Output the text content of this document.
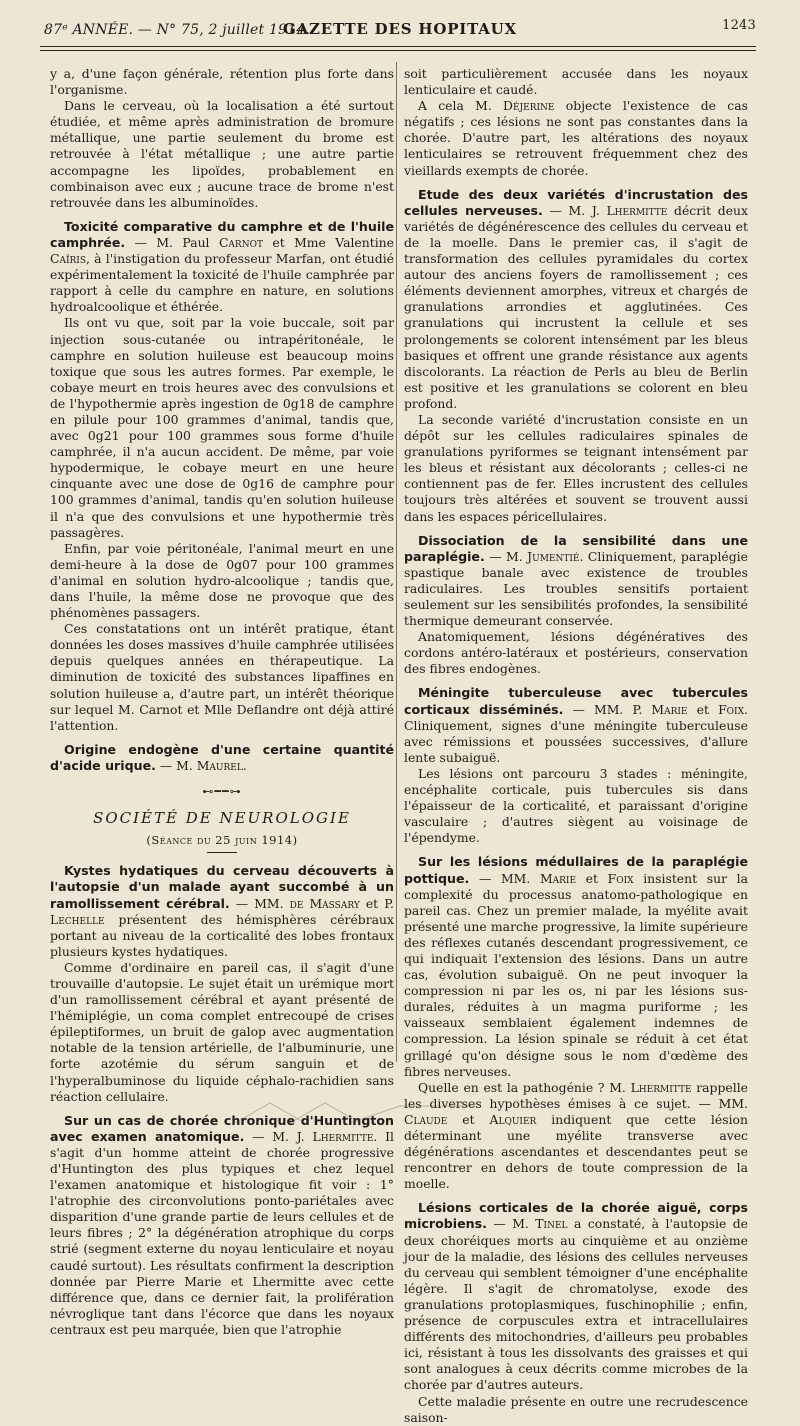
87ᵉ ANNÉE. — N° 75, 2 juillet 1914.
GAZETTE DES HOPITAUX	1243

y a, d'une façon générale, rétention plus forte dans l'organisme.

Dans le cerveau, où la localisation a été surtout étudiée, et même après administration de bromure métallique, une partie seulement du brome est retrouvée à l'état métallique ; une autre partie accompagne les lipoïdes, probablement en combinaison avec eux ; aucune trace de brome n'est retrouvée dans les albuminoïdes.

Toxicité comparative du camphre et de l'huile camphrée. — M. Paul Carnot et Mme Valentine Caïris, à l'instigation du professeur Marfan, ont étudié expérimentalement la toxicité de l'huile camphrée par rapport à celle du camphre en nature, en solutions hydroalcoolique et éthérée.

Ils ont vu que, soit par la voie buccale, soit par injection sous-cutanée ou intrapéritonéale, le camphre en solution huileuse est beaucoup moins toxique que sous les autres formes. Par exemple, le cobaye meurt en trois heures avec des convulsions et de l'hypothermie après ingestion de 0g18 de camphre en pilule pour 100 grammes d'animal, tandis que, avec 0g21 pour 100 grammes sous forme d'huile camphrée, il n'a aucun accident. De même, par voie hypodermique, le cobaye meurt en une heure cinquante avec une dose de 0g16 de camphre pour 100 grammes d'animal, tandis qu'en solution huileuse il n'a que des convulsions et une hypothermie très passagères.

Enfin, par voie péritonéale, l'animal meurt en une demi-heure à la dose de 0g07 pour 100 grammes d'animal en solution hydro-alcoolique ; tandis que, dans l'huile, la même dose ne provoque que des phénomènes passagers.

Ces constatations ont un intérêt pratique, étant données les doses massives d'huile camphrée utilisées depuis quelques années en thérapeutique. La diminution de toxicité des substances lipaffines en solution huileuse a, d'autre part, un intérêt théorique sur lequel M. Carnot et Mlle Deflandre ont déjà attiré l'attention.

Origine endogène d'une certaine quantité d'acide urique. — M. Maurel.

⊷━━⊶
SOCIÉTÉ DE NEUROLOGIE
(Séance du 25 juin 1914)

Kystes hydatiques du cerveau découverts à l'autopsie d'un malade ayant succombé à un ramollissement cérébral. — MM. de Massary et P. Lechelle présentent des hémisphères cérébraux portant au niveau de la corticalité des lobes frontaux plusieurs kystes hydatiques.

Comme d'ordinaire en pareil cas, il s'agit d'une trouvaille d'autopsie. Le sujet était un urémique mort d'un ramollissement cérébral et ayant présenté de l'hémiplégie, un coma complet entrecoupé de crises épileptiformes, un bruit de galop avec augmentation notable de la tension artérielle, de l'albuminurie, une forte azotémie du sérum sanguin et de l'hyperalbuminose du liquide céphalo-rachidien sans réaction cellulaire.

Sur un cas de chorée chronique d'Huntington avec examen anatomique. — M. J. Lhermitte. Il s'agit d'un homme atteint de chorée progressive d'Huntington des plus typiques et chez lequel l'examen anatomique et histologique fit voir : 1° l'atrophie des circonvolutions ponto-pariétales avec disparition d'une grande partie de leurs cellules et de leurs fibres ; 2° la dégénération atrophique du corps strié (segment externe du noyau lenticulaire et noyau caudé surtout). Les résultats confirment la description donnée par Pierre Marie et Lhermitte avec cette différence que, dans ce dernier fait, la prolifération névroglique tant dans l'écorce que dans les noyaux centraux est peu marquée, bien que l'atrophie

soit particulièrement accusée dans les noyaux lenticulaire et caudé.

A cela M. Déjerine objecte l'existence de cas négatifs ; ces lésions ne sont pas constantes dans la chorée. D'autre part, les altérations des noyaux lenticulaires se retrouvent fréquemment chez des vieillards exempts de chorée.

Etude des deux variétés d'incrustation des cellules nerveuses. — M. J. Lhermitte décrit deux variétés de dégénérescence des cellules du cerveau et de la moelle. Dans le premier cas, il s'agit de transformation des cellules pyramidales du cortex autour des anciens foyers de ramollissement ; ces éléments deviennent amorphes, vitreux et chargés de granulations arrondies et agglutinées. Ces granulations qui incrustent la cellule et ses prolongements se colorent intensément par les bleus basiques et offrent une grande résistance aux agents discolorants. La réaction de Perls au bleu de Berlin est positive et les granulations se colorent en bleu profond.

La seconde variété d'incrustation consiste en un dépôt sur les cellules radiculaires spinales de granulations pyriformes se teignant intensément par les bleus et résistant aux décolorants ; celles-ci ne contiennent pas de fer. Elles incrustent des cellules toujours très altérées et souvent se trouvent aussi dans les espaces péricellulaires.

Dissociation de la sensibilité dans une paraplégie. — M. Jumentié. Cliniquement, paraplégie spastique banale avec existence de troubles radiculaires. Les troubles sensitifs portaient seulement sur les sensibilités profondes, la sensibilité thermique demeurant conservée.

Anatomiquement, lésions dégénératives des cordons antéro-latéraux et postérieurs, conservation des fibres endogènes.

Méningite tuberculeuse avec tubercules corticaux disséminés. — MM. P. Marie et Foix. Cliniquement, signes d'une méningite tuberculeuse avec rémissions et poussées successives, d'allure lente subaiguë.

Les lésions ont parcouru 3 stades : méningite, encéphalite corticale, puis tubercules sis dans l'épaisseur de la corticalité, et paraissant d'origine vasculaire ; d'autres siègent au voisinage de l'épendyme.

Sur les lésions médullaires de la paraplégie pottique. — MM. Marie et Foix insistent sur la complexité du processus anatomo-pathologique en pareil cas. Chez un premier malade, la myélite avait présenté une marche progressive, la limite supérieure des réflexes cutanés descendant progressivement, ce qui indiquait l'extension des lésions. Dans un autre cas, évolution subaiguë. On ne peut invoquer la compression ni par les os, ni par les lésions sus-durales, réduites à un magma puriforme ; les vaisseaux semblaient également indemnes de compression. La lésion spinale se réduit à cet état grillagé qu'on désigne sous le nom d'œdème des fibres nerveuses.

Quelle en est la pathogénie ? M. Lhermitte rappelle les diverses hypothèses émises à ce sujet. — MM. Claude et Alquier indiquent que cette lésion déterminant une myélite transverse avec dégénérations ascendantes et descendantes peut se rencontrer en dehors de toute compression de la moelle.

Lésions corticales de la chorée aiguë, corps microbiens. — M. Tinel a constaté, à l'autopsie de deux choréiques morts au cinquième et au onzième jour de la maladie, des lésions des cellules nerveuses du cerveau qui semblent témoigner d'une encéphalite légère. Il s'agit de chromatolyse, exode des granulations protoplasmiques, fuschinophilie ; enfin, présence de corpuscules extra et intracellulaires différents des mitochondries, d'ailleurs peu probables ici, résistant à tous les dissolvants des graisses et qui sont analogues à ceux décrits comme microbes de la chorée par d'autres auteurs.

Cette maladie présente en outre une recrudescence saison-
